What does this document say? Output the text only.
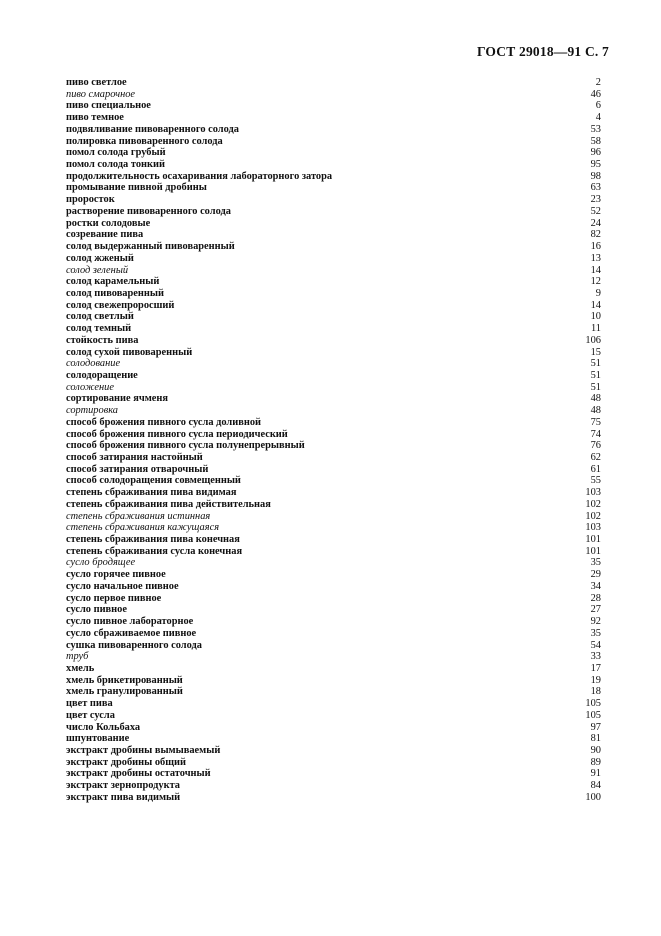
ГОСТ 29018—91 С. 7
пиво светлое	2
пиво смарочное	46
пиво специальное	6
пиво темное	4
подвяливание пивоваренного солода	53
полировка пивоваренного солода	58
помол солода грубый	96
помол солода тонкий	95
продолжительность осахаривания лабораторного затора	98
промывание пивной дробины	63
проросток	23
растворение пивоваренного солода	52
ростки солодовые	24
созревание пива	82
солод выдержанный пивоваренный	16
солод жженый	13
солод зеленый	14
солод карамельный	12
солод пивоваренный	9
солод свежепроросший	14
солод светлый	10
солод темный	11
стойкость пива	106
солод сухой пивоваренный	15
солодование	51
солодоращение	51
соложение	51
сортирование ячменя	48
сортировка	48
способ брожения пивного сусла доливной	75
способ брожения пивного сусла периодический	74
способ брожения пивного сусла полунепрерывный	76
способ затирания настойный	62
способ затирания отварочный	61
способ солодоращения совмещенный	55
степень сбраживания пива видимая	103
степень сбраживания пива действительная	102
степень сбраживания истинная	102
степень сбраживания кажущаяся	103
степень сбраживания пива конечная	101
степень сбраживания сусла конечная	101
сусло бродящее	35
сусло горячее пивное	29
сусло начальное пивное	34
сусло первое пивное	28
сусло пивное	27
сусло пивное лабораторное	92
сусло сбраживаемое пивное	35
сушка пивоваренного солода	54
труб	33
хмель	17
хмель брикетированный	19
хмель гранулированный	18
цвет пива	105
цвет сусла	105
число Кольбаха	97
шпунтование	81
экстракт дробины вымываемый	90
экстракт дробины общий	89
экстракт дробины остаточный	91
экстракт зернопродукта	84
экстракт пива видимый	100
